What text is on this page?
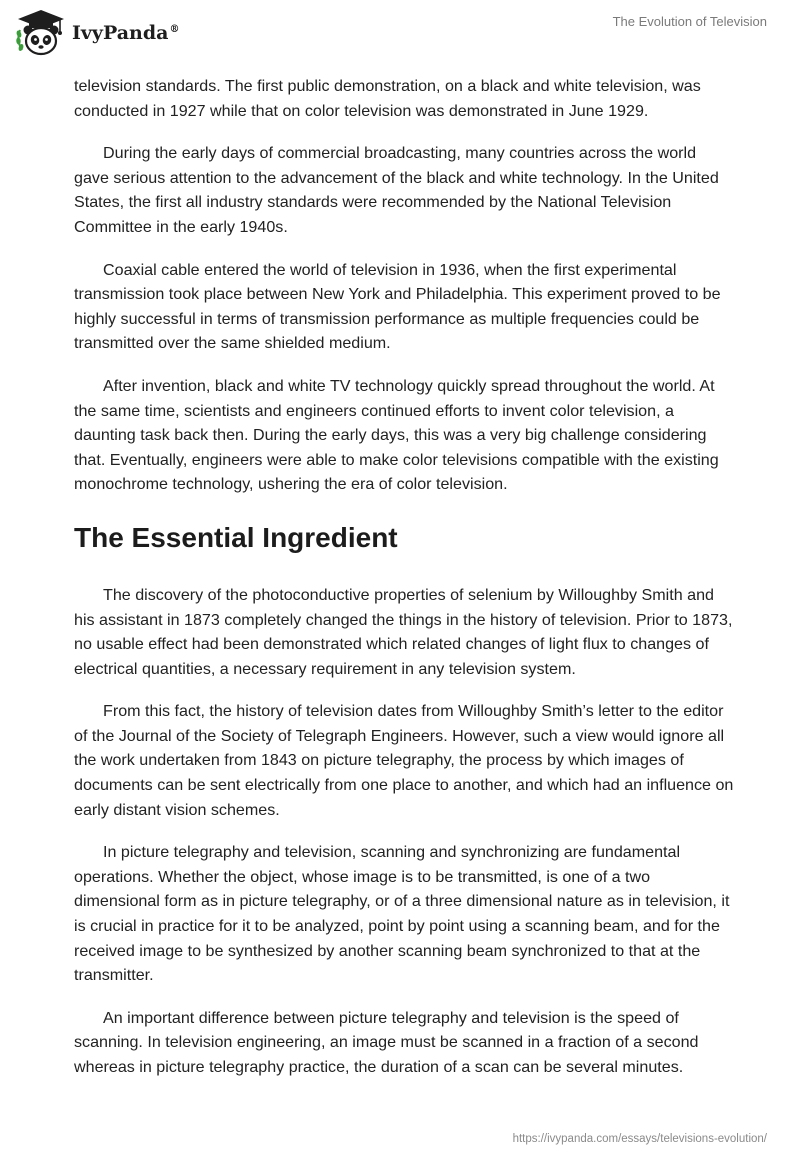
IvyPanda®
The Evolution of Television

television standards. The first public demonstration, on a black and white television, was conducted in 1927 while that on color television was demonstrated in June 1929.

During the early days of commercial broadcasting, many countries across the world gave serious attention to the advancement of the black and white technology. In the United States, the first all industry standards were recommended by the National Television Committee in the early 1940s.

Coaxial cable entered the world of television in 1936, when the first experimental transmission took place between New York and Philadelphia. This experiment proved to be highly successful in terms of transmission performance as multiple frequencies could be transmitted over the same shielded medium.

After invention, black and white TV technology quickly spread throughout the world. At the same time, scientists and engineers continued efforts to invent color television, a daunting task back then. During the early days, this was a very big challenge considering that. Eventually, engineers were able to make color televisions compatible with the existing monochrome technology, ushering the era of color television.

The Essential Ingredient

The discovery of the photoconductive properties of selenium by Willoughby Smith and his assistant in 1873 completely changed the things in the history of television. Prior to 1873, no usable effect had been demonstrated which related changes of light flux to changes of electrical quantities, a necessary requirement in any television system.

From this fact, the history of television dates from Willoughby Smith’s letter to the editor of the Journal of the Society of Telegraph Engineers. However, such a view would ignore all the work undertaken from 1843 on picture telegraphy, the process by which images of documents can be sent electrically from one place to another, and which had an influence on early distant vision schemes.

In picture telegraphy and television, scanning and synchronizing are fundamental operations. Whether the object, whose image is to be transmitted, is one of a two dimensional form as in picture telegraphy, or of a three dimensional nature as in television, it is crucial in practice for it to be analyzed, point by point using a scanning beam, and for the received image to be synthesized by another scanning beam synchronized to that at the transmitter.

An important difference between picture telegraphy and television is the speed of scanning. In television engineering, an image must be scanned in a fraction of a second whereas in picture telegraphy practice, the duration of a scan can be several minutes.

https://ivypanda.com/essays/televisions-evolution/
